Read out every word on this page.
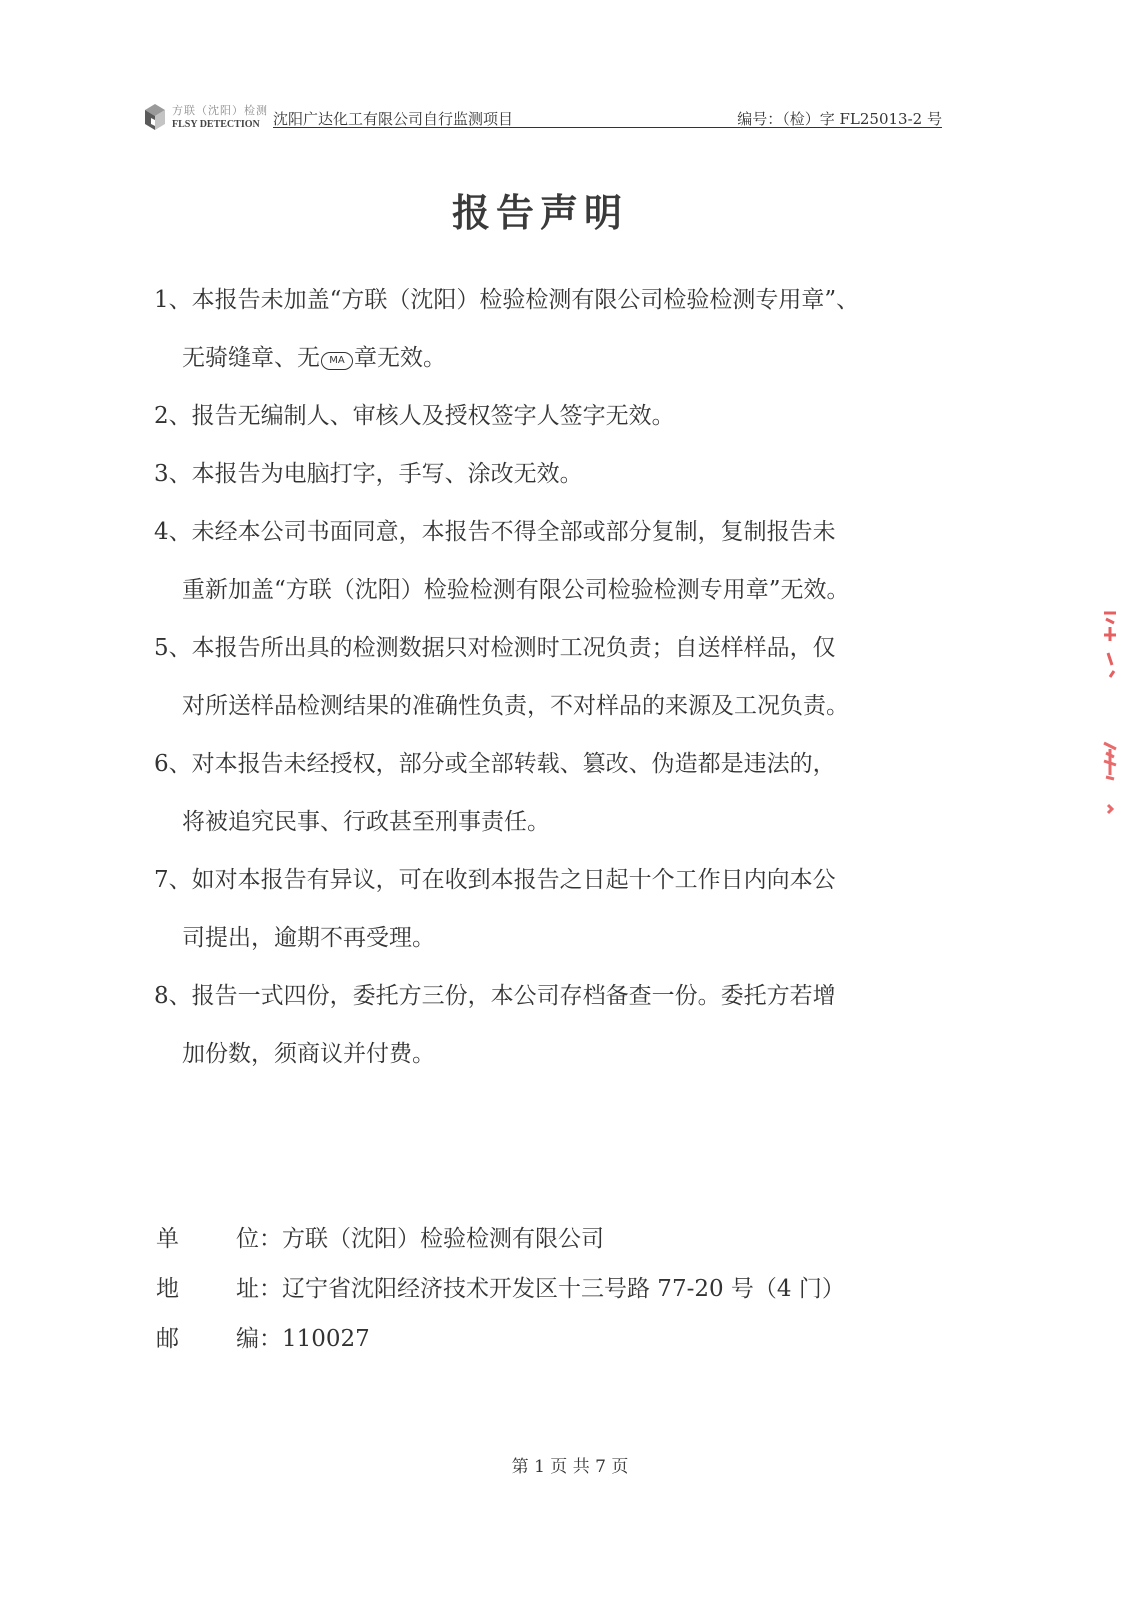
方联（沈阳）检测
FLSY DETECTION 沈阳广达化工有限公司自行监测项目	编号：（检）字 FL25013-2 号
报告声明
1、本报告未加盖“方联（沈阳）检验检测有限公司检验检测专用章”、
无骑缝章、无 MA 章无效。
2、报告无编制人、审核人及授权签字人签字无效。
3、本报告为电脑打字，手写、涂改无效。
4、未经本公司书面同意，本报告不得全部或部分复制，复制报告未
重新加盖“方联（沈阳）检验检测有限公司检验检测专用章”无效。
5、本报告所出具的检测数据只对检测时工况负责；自送样样品，仅
对所送样品检测结果的准确性负责，不对样品的来源及工况负责。
6、对本报告未经授权，部分或全部转载、篡改、伪造都是违法的，
将被追究民事、行政甚至刑事责任。
7、如对本报告有异议，可在收到本报告之日起十个工作日内向本公
司提出，逾期不再受理。
8、报告一式四份，委托方三份，本公司存档备查一份。委托方若增
加份数，须商议并付费。
单 位：方联（沈阳）检验检测有限公司
地 址：辽宁省沈阳经济技术开发区十三号路 77-20 号（4 门）
邮 编：110027
第 1 页 共 7 页
